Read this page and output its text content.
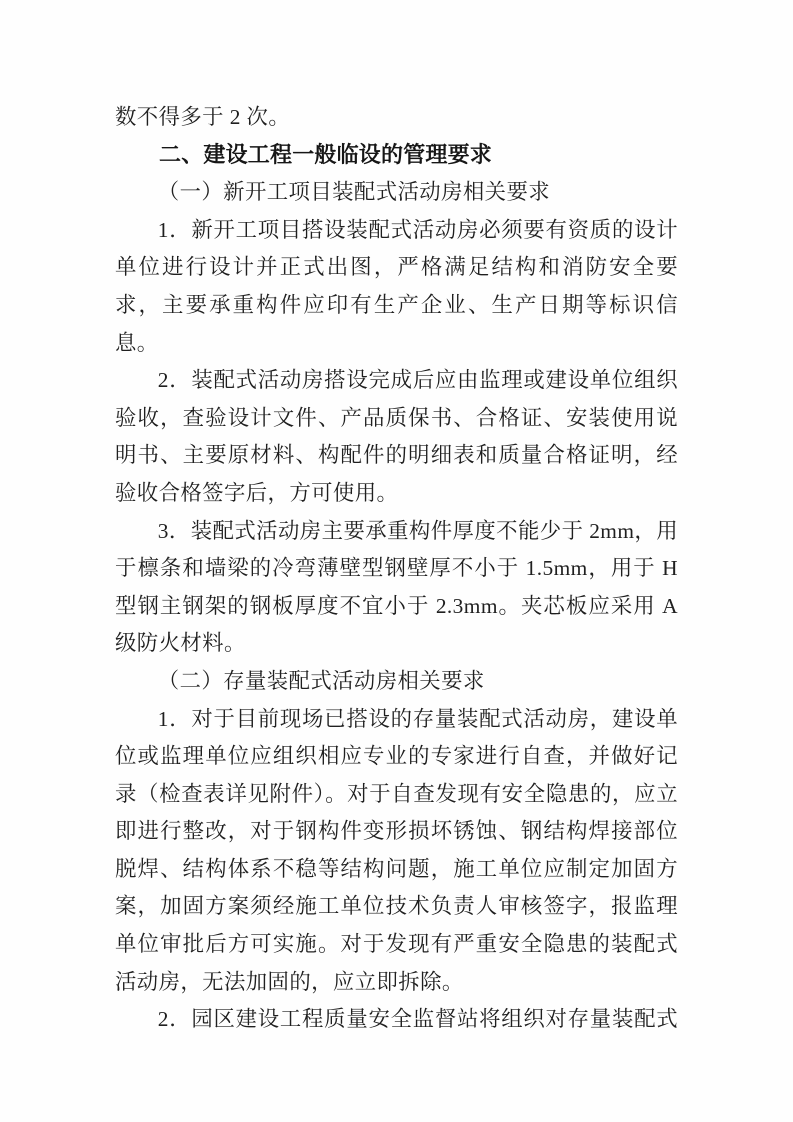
数不得多于 2 次。

二、建设工程一般临设的管理要求
（一）新开工项目装配式活动房相关要求

1．新开工项目搭设装配式活动房必须要有资质的设计单位进行设计并正式出图，严格满足结构和消防安全要求，主要承重构件应印有生产企业、生产日期等标识信息。

2．装配式活动房搭设完成后应由监理或建设单位组织验收，查验设计文件、产品质保书、合格证、安装使用说明书、主要原材料、构配件的明细表和质量合格证明，经验收合格签字后，方可使用。

3．装配式活动房主要承重构件厚度不能少于 2mm，用于檩条和墙梁的冷弯薄壁型钢壁厚不小于 1.5mm，用于 H 型钢主钢架的钢板厚度不宜小于 2.3mm。夹芯板应采用 A 级防火材料。

（二）存量装配式活动房相关要求

1．对于目前现场已搭设的存量装配式活动房，建设单位或监理单位应组织相应专业的专家进行自查，并做好记录（检查表详见附件）。对于自查发现有安全隐患的，应立即进行整改，对于钢构件变形损坏锈蚀、钢结构焊接部位脱焊、结构体系不稳等结构问题，施工单位应制定加固方案，加固方案须经施工单位技术负责人审核签字，报监理单位审批后方可实施。对于发现有严重安全隐患的装配式活动房，无法加固的，应立即拆除。

2．园区建设工程质量安全监督站将组织对存量装配式
